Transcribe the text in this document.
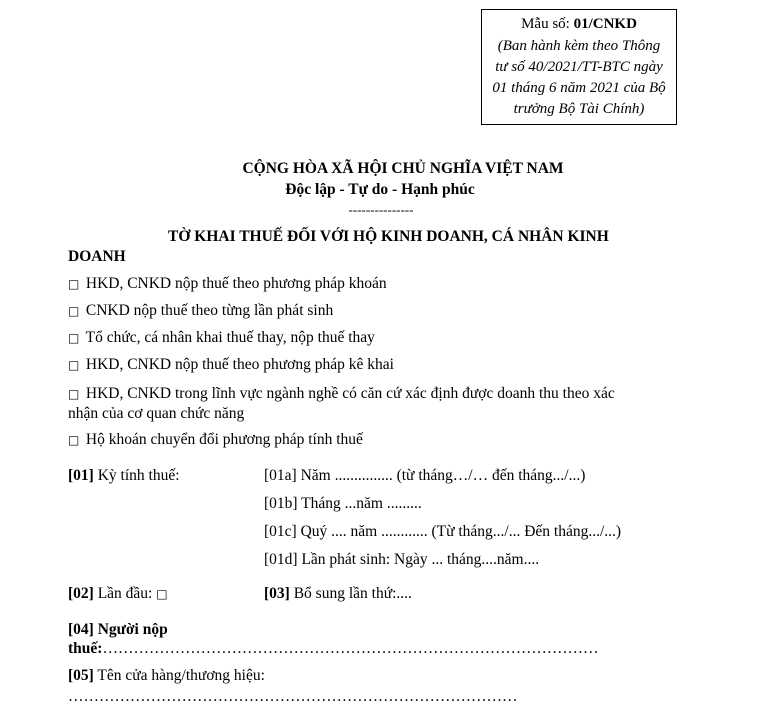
Mẫu số: 01/CNKD
(Ban hành kèm theo Thông
tư số 40/2021/TT-BTC ngày
01 tháng 6 năm 2021 của Bộ
trưởng Bộ Tài Chính)
CỘNG HÒA XÃ HỘI CHỦ NGHĨA VIỆT NAM
Độc lập - Tự do - Hạnh phúc
---------------
TỜ KHAI THUẾ ĐỐI VỚI HỘ KINH DOANH, CÁ NHÂN KINH
DOANH
□ HKD, CNKD nộp thuế theo phương pháp khoán
□ CNKD nộp thuế theo từng lần phát sinh
□ Tổ chức, cá nhân khai thuế thay, nộp thuế thay
□ HKD, CNKD nộp thuế theo phương pháp kê khai
□ HKD, CNKD trong lĩnh vực ngành nghề có căn cứ xác định được doanh thu theo xác
nhận của cơ quan chức năng
□ Hộ khoán chuyển đổi phương pháp tính thuế
[01] Kỳ tính thuế:	[01a] Năm ............... (từ tháng…/… đến tháng.../...)
[01b] Tháng ...năm .........
[01c] Quý .... năm ............ (Từ tháng.../... Đến tháng.../...)
[01d] Lần phát sinh: Ngày ... tháng....năm....
[02] Lần đầu: □	[03] Bổ sung lần thứ:....
[04] Người nộp
thuế:……………………………………………………………………………………
[05] Tên cửa hàng/thương hiệu:
……………………………………………………………………………
